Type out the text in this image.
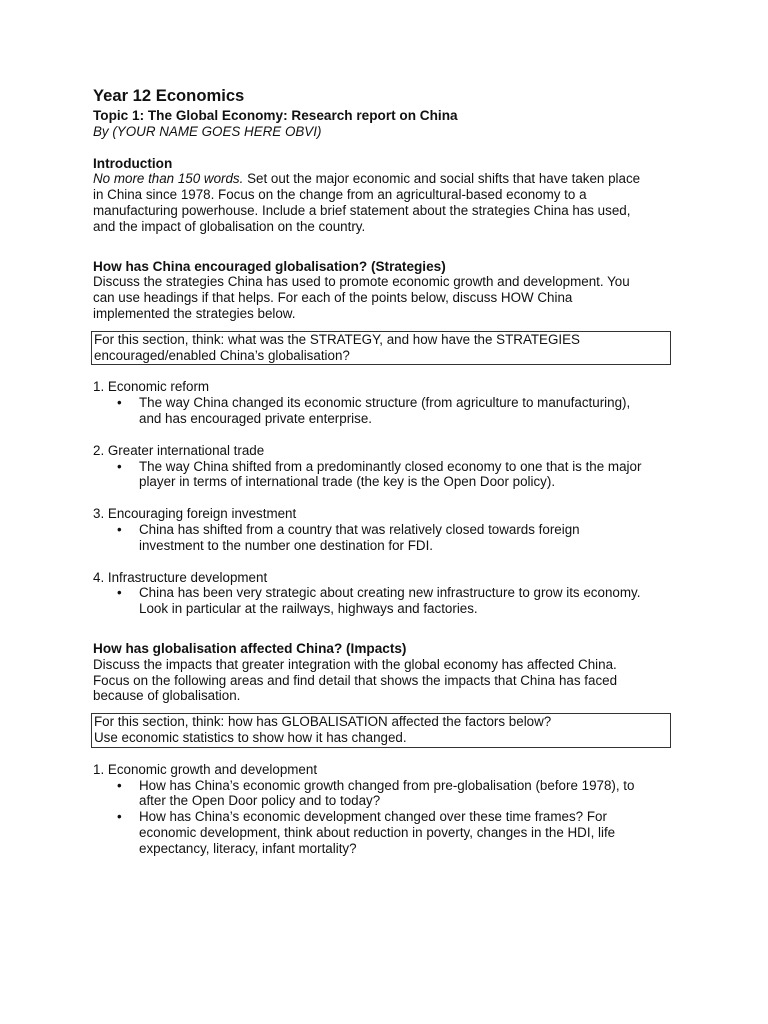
Year 12 Economics
Topic 1: The Global Economy: Research report on China
By (YOUR NAME GOES HERE OBVI)
Introduction
No more than 150 words. Set out the major economic and social shifts that have taken place
in China since 1978. Focus on the change from an agricultural-based economy to a
manufacturing powerhouse. Include a brief statement about the strategies China has used,
and the impact of globalisation on the country.
How has China encouraged globalisation? (Strategies)
Discuss the strategies China has used to promote economic growth and development. You
can use headings if that helps. For each of the points below, discuss HOW China
implemented the strategies below.
For this section, think: what was the STRATEGY, and how have the STRATEGIES
encouraged/enabled China’s globalisation?
1. Economic reform
• The way China changed its economic structure (from agriculture to manufacturing),
and has encouraged private enterprise.
2. Greater international trade
• The way China shifted from a predominantly closed economy to one that is the major
player in terms of international trade (the key is the Open Door policy).
3. Encouraging foreign investment
• China has shifted from a country that was relatively closed towards foreign
investment to the number one destination for FDI.
4. Infrastructure development
• China has been very strategic about creating new infrastructure to grow its economy.
Look in particular at the railways, highways and factories.
How has globalisation affected China? (Impacts)
Discuss the impacts that greater integration with the global economy has affected China.
Focus on the following areas and find detail that shows the impacts that China has faced
because of globalisation.
For this section, think: how has GLOBALISATION affected the factors below?
Use economic statistics to show how it has changed.
1. Economic growth and development
• How has China’s economic growth changed from pre-globalisation (before 1978), to
after the Open Door policy and to today?
• How has China’s economic development changed over these time frames? For
economic development, think about reduction in poverty, changes in the HDI, life
expectancy, literacy, infant mortality?
